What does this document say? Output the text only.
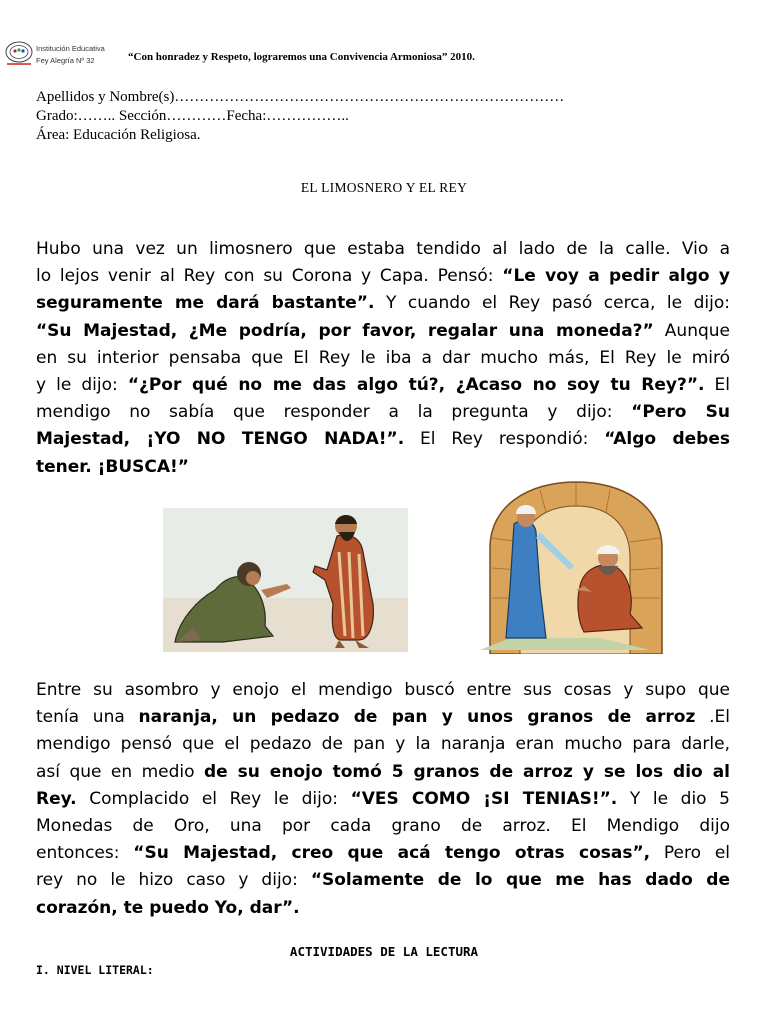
Institución Educativa
Fey Alegría Nº 32	“Con honradez y Respeto, lograremos una Convivencia Armoniosa” 2010.
Apellidos y Nombre(s)……………………………………………………………………
Grado:…….. Sección…………Fecha:……………..
Área: Educación Religiosa.
EL LIMOSNERO Y EL REY
Hubo una vez un limosnero que estaba tendido al lado de la calle. Vio a
lo lejos venir al Rey con su Corona y Capa. Pensó: “Le voy a pedir algo y
seguramente me dará bastante”. Y cuando el Rey pasó cerca, le dijo:
“Su Majestad, ¿Me podría, por favor, regalar una moneda?” Aunque
en su interior pensaba que El Rey le iba a dar mucho más, El Rey le miró
y le dijo: “¿Por qué no me das algo tú?, ¿Acaso no soy tu Rey?”. El
mendigo no sabía que responder a la pregunta y dijo: “Pero Su
Majestad, ¡YO NO TENGO NADA!”. El Rey respondió: “Algo debes
tener. ¡BUSCA!”
Entre su asombro y enojo el mendigo buscó entre sus cosas y supo que
tenía una naranja, un pedazo de pan y unos granos de arroz .El
mendigo pensó que el pedazo de pan y la naranja eran mucho para darle,
así que en medio de su enojo tomó 5 granos de arroz y se los dio al
Rey. Complacido el Rey le dijo: “VES COMO ¡SI TENIAS!”. Y le dio 5
Monedas de Oro, una por cada grano de arroz. El Mendigo dijo
entonces: “Su Majestad, creo que acá tengo otras cosas”, Pero el
rey no le hizo caso y dijo: “Solamente de lo que me has dado de
corazón, te puedo Yo, dar”.
ACTIVIDADES DE LA LECTURA
I. NIVEL LITERAL:
